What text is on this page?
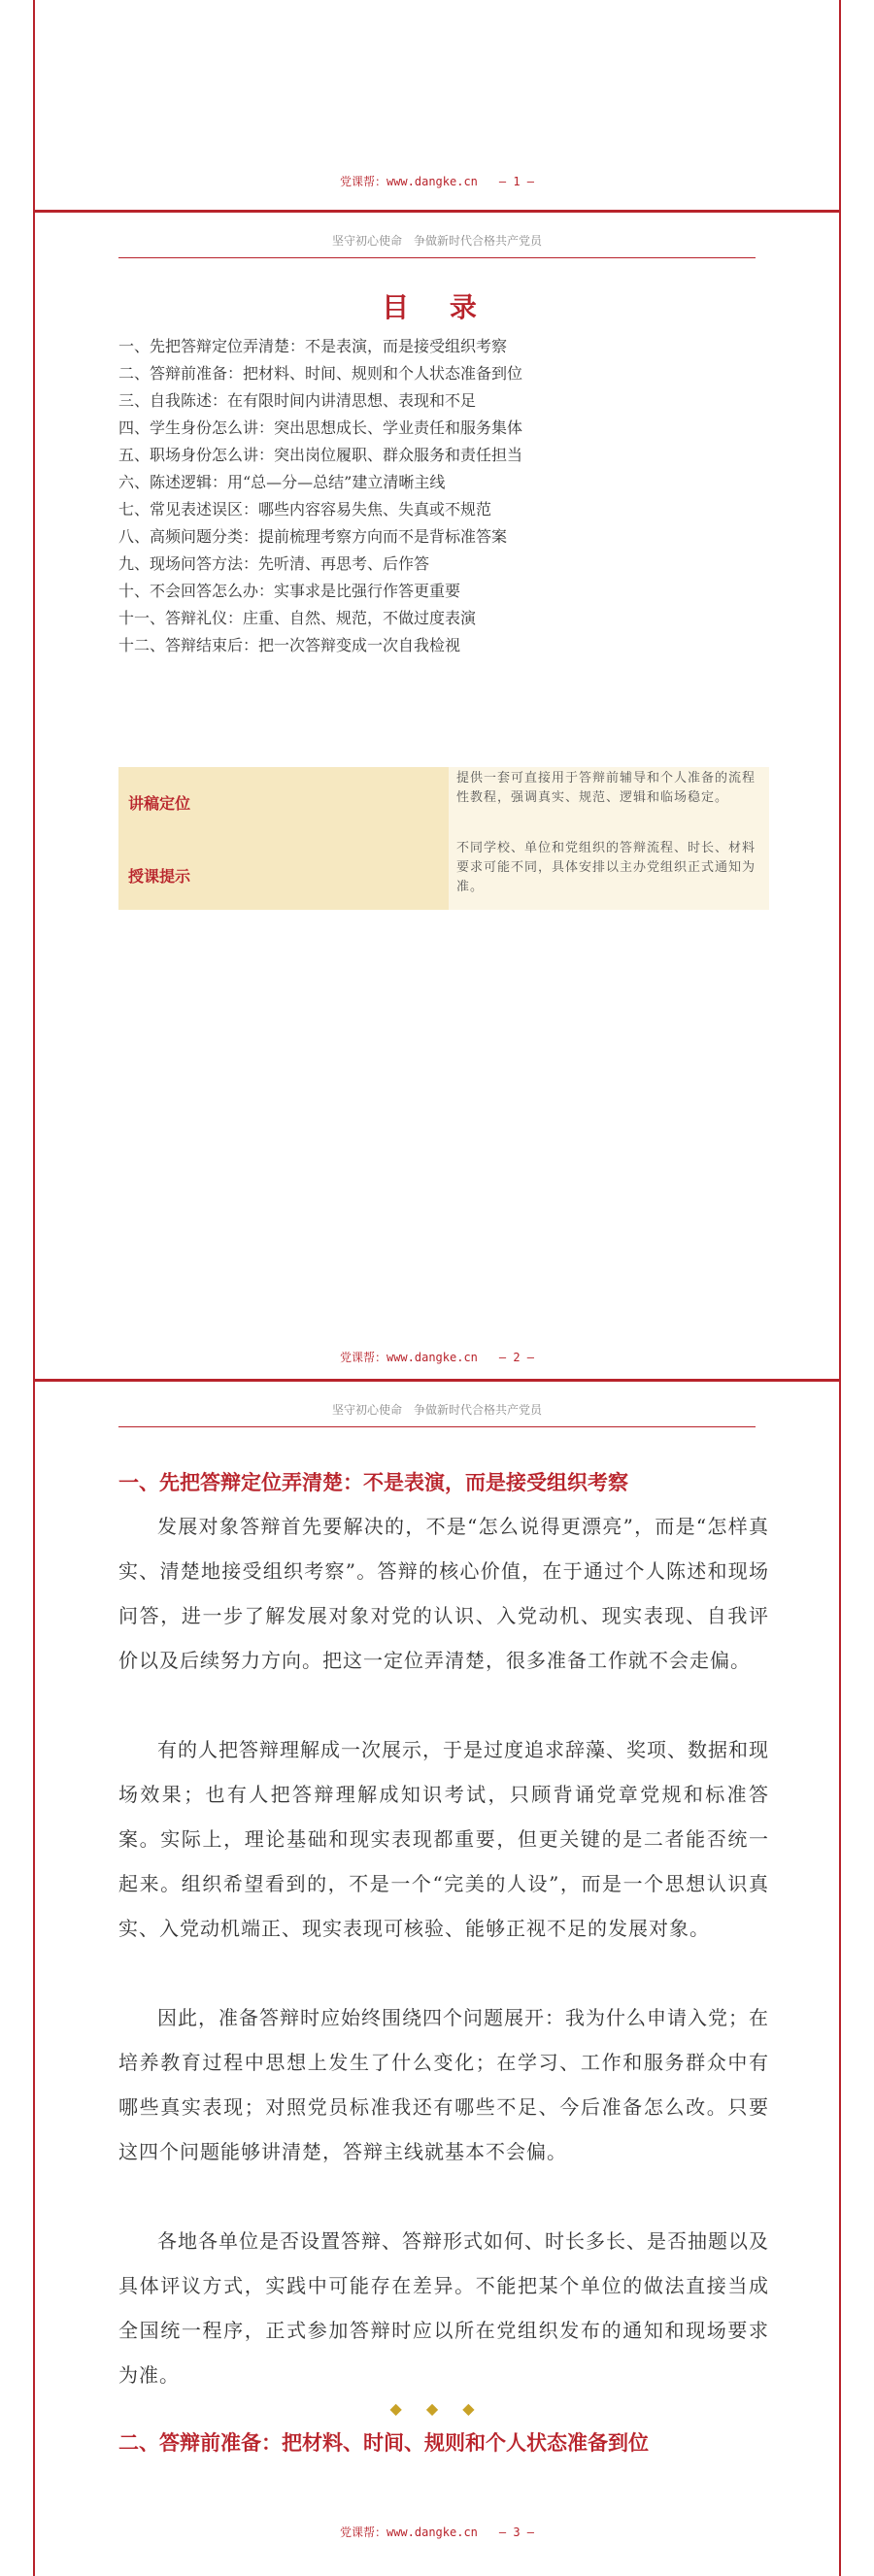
党课帮：www.dangke.cn — 1 —
坚守初心使命　争做新时代合格共产党员
目 录
一、先把答辩定位弄清楚：不是表演，而是接受组织考察
二、答辩前准备：把材料、时间、规则和个人状态准备到位
三、自我陈述：在有限时间内讲清思想、表现和不足
四、学生身份怎么讲：突出思想成长、学业责任和服务集体
五、职场身份怎么讲：突出岗位履职、群众服务和责任担当
六、陈述逻辑：用“总—分—总结”建立清晰主线
七、常见表述误区：哪些内容容易失焦、失真或不规范
八、高频问题分类：提前梳理考察方向而不是背标准答案
九、现场问答方法：先听清、再思考、后作答
十、不会回答怎么办：实事求是比强行作答更重要
十一、答辩礼仪：庄重、自然、规范，不做过度表演
十二、答辩结束后：把一次答辩变成一次自我检视
讲稿定位
授课提示
提供一套可直接用于答辩前辅导和个人准备的流程性教程，强调真实、规范、逻辑和临场稳定。
不同学校、单位和党组织的答辩流程、时长、材料要求可能不同，具体安排以主办党组织正式通知为准。
党课帮：www.dangke.cn — 2 —
坚守初心使命　争做新时代合格共产党员
一、先把答辩定位弄清楚：不是表演，而是接受组织考察

发展对象答辩首先要解决的，不是“怎么说得更漂亮”，而是“怎样真实、清楚地接受组织考察”。答辩的核心价值，在于通过个人陈述和现场问答，进一步了解发展对象对党的认识、入党动机、现实表现、自我评价以及后续努力方向。把这一定位弄清楚，很多准备工作就不会走偏。

有的人把答辩理解成一次展示，于是过度追求辞藻、奖项、数据和现场效果；也有人把答辩理解成知识考试，只顾背诵党章党规和标准答案。实际上，理论基础和现实表现都重要，但更关键的是二者能否统一起来。组织希望看到的，不是一个“完美的人设”，而是一个思想认识真实、入党动机端正、现实表现可核验、能够正视不足的发展对象。

因此，准备答辩时应始终围绕四个问题展开：我为什么申请入党；在培养教育过程中思想上发生了什么变化；在学习、工作和服务群众中有哪些真实表现；对照党员标准我还有哪些不足、今后准备怎么改。只要这四个问题能够讲清楚，答辩主线就基本不会偏。

各地各单位是否设置答辩、答辩形式如何、时长多长、是否抽题以及具体评议方式，实践中可能存在差异。不能把某个单位的做法直接当成全国统一程序，正式参加答辩时应以所在党组织发布的通知和现场要求为准。

◆ ◆ ◆
二、答辩前准备：把材料、时间、规则和个人状态准备到位
党课帮：www.dangke.cn — 3 —
